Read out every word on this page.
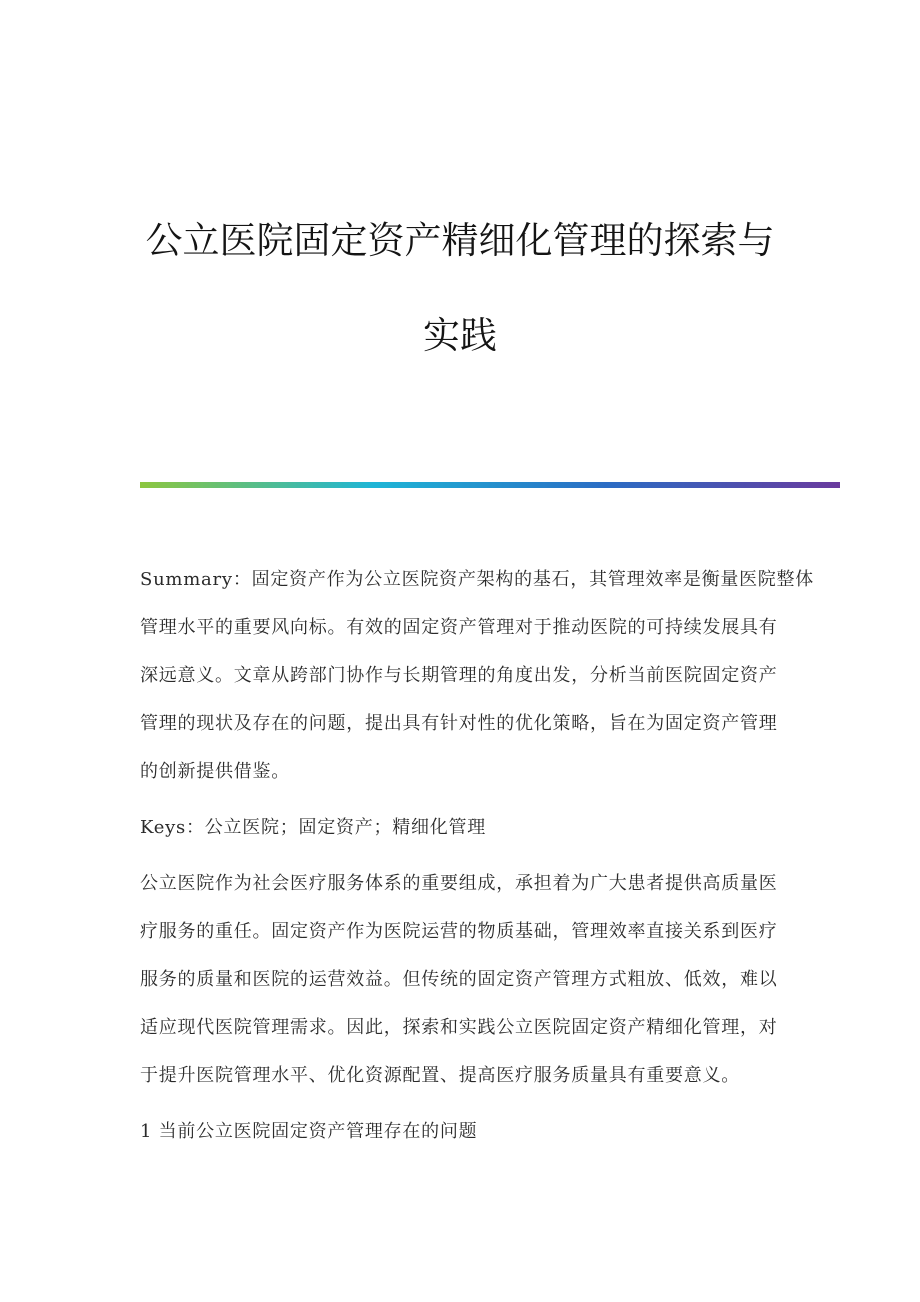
公立医院固定资产精细化管理的探索与
实践
Summary：固定资产作为公立医院资产架构的基石，其管理效率是衡量医院整体
管理水平的重要风向标。有效的固定资产管理对于推动医院的可持续发展具有
深远意义。文章从跨部门协作与长期管理的角度出发，分析当前医院固定资产
管理的现状及存在的问题，提出具有针对性的优化策略，旨在为固定资产管理
的创新提供借鉴。
Keys：公立医院；固定资产；精细化管理
公立医院作为社会医疗服务体系的重要组成，承担着为广大患者提供高质量医
疗服务的重任。固定资产作为医院运营的物质基础，管理效率直接关系到医疗
服务的质量和医院的运营效益。但传统的固定资产管理方式粗放、低效，难以
适应现代医院管理需求。因此，探索和实践公立医院固定资产精细化管理，对
于提升医院管理水平、优化资源配置、提高医疗服务质量具有重要意义。
1 当前公立医院固定资产管理存在的问题
